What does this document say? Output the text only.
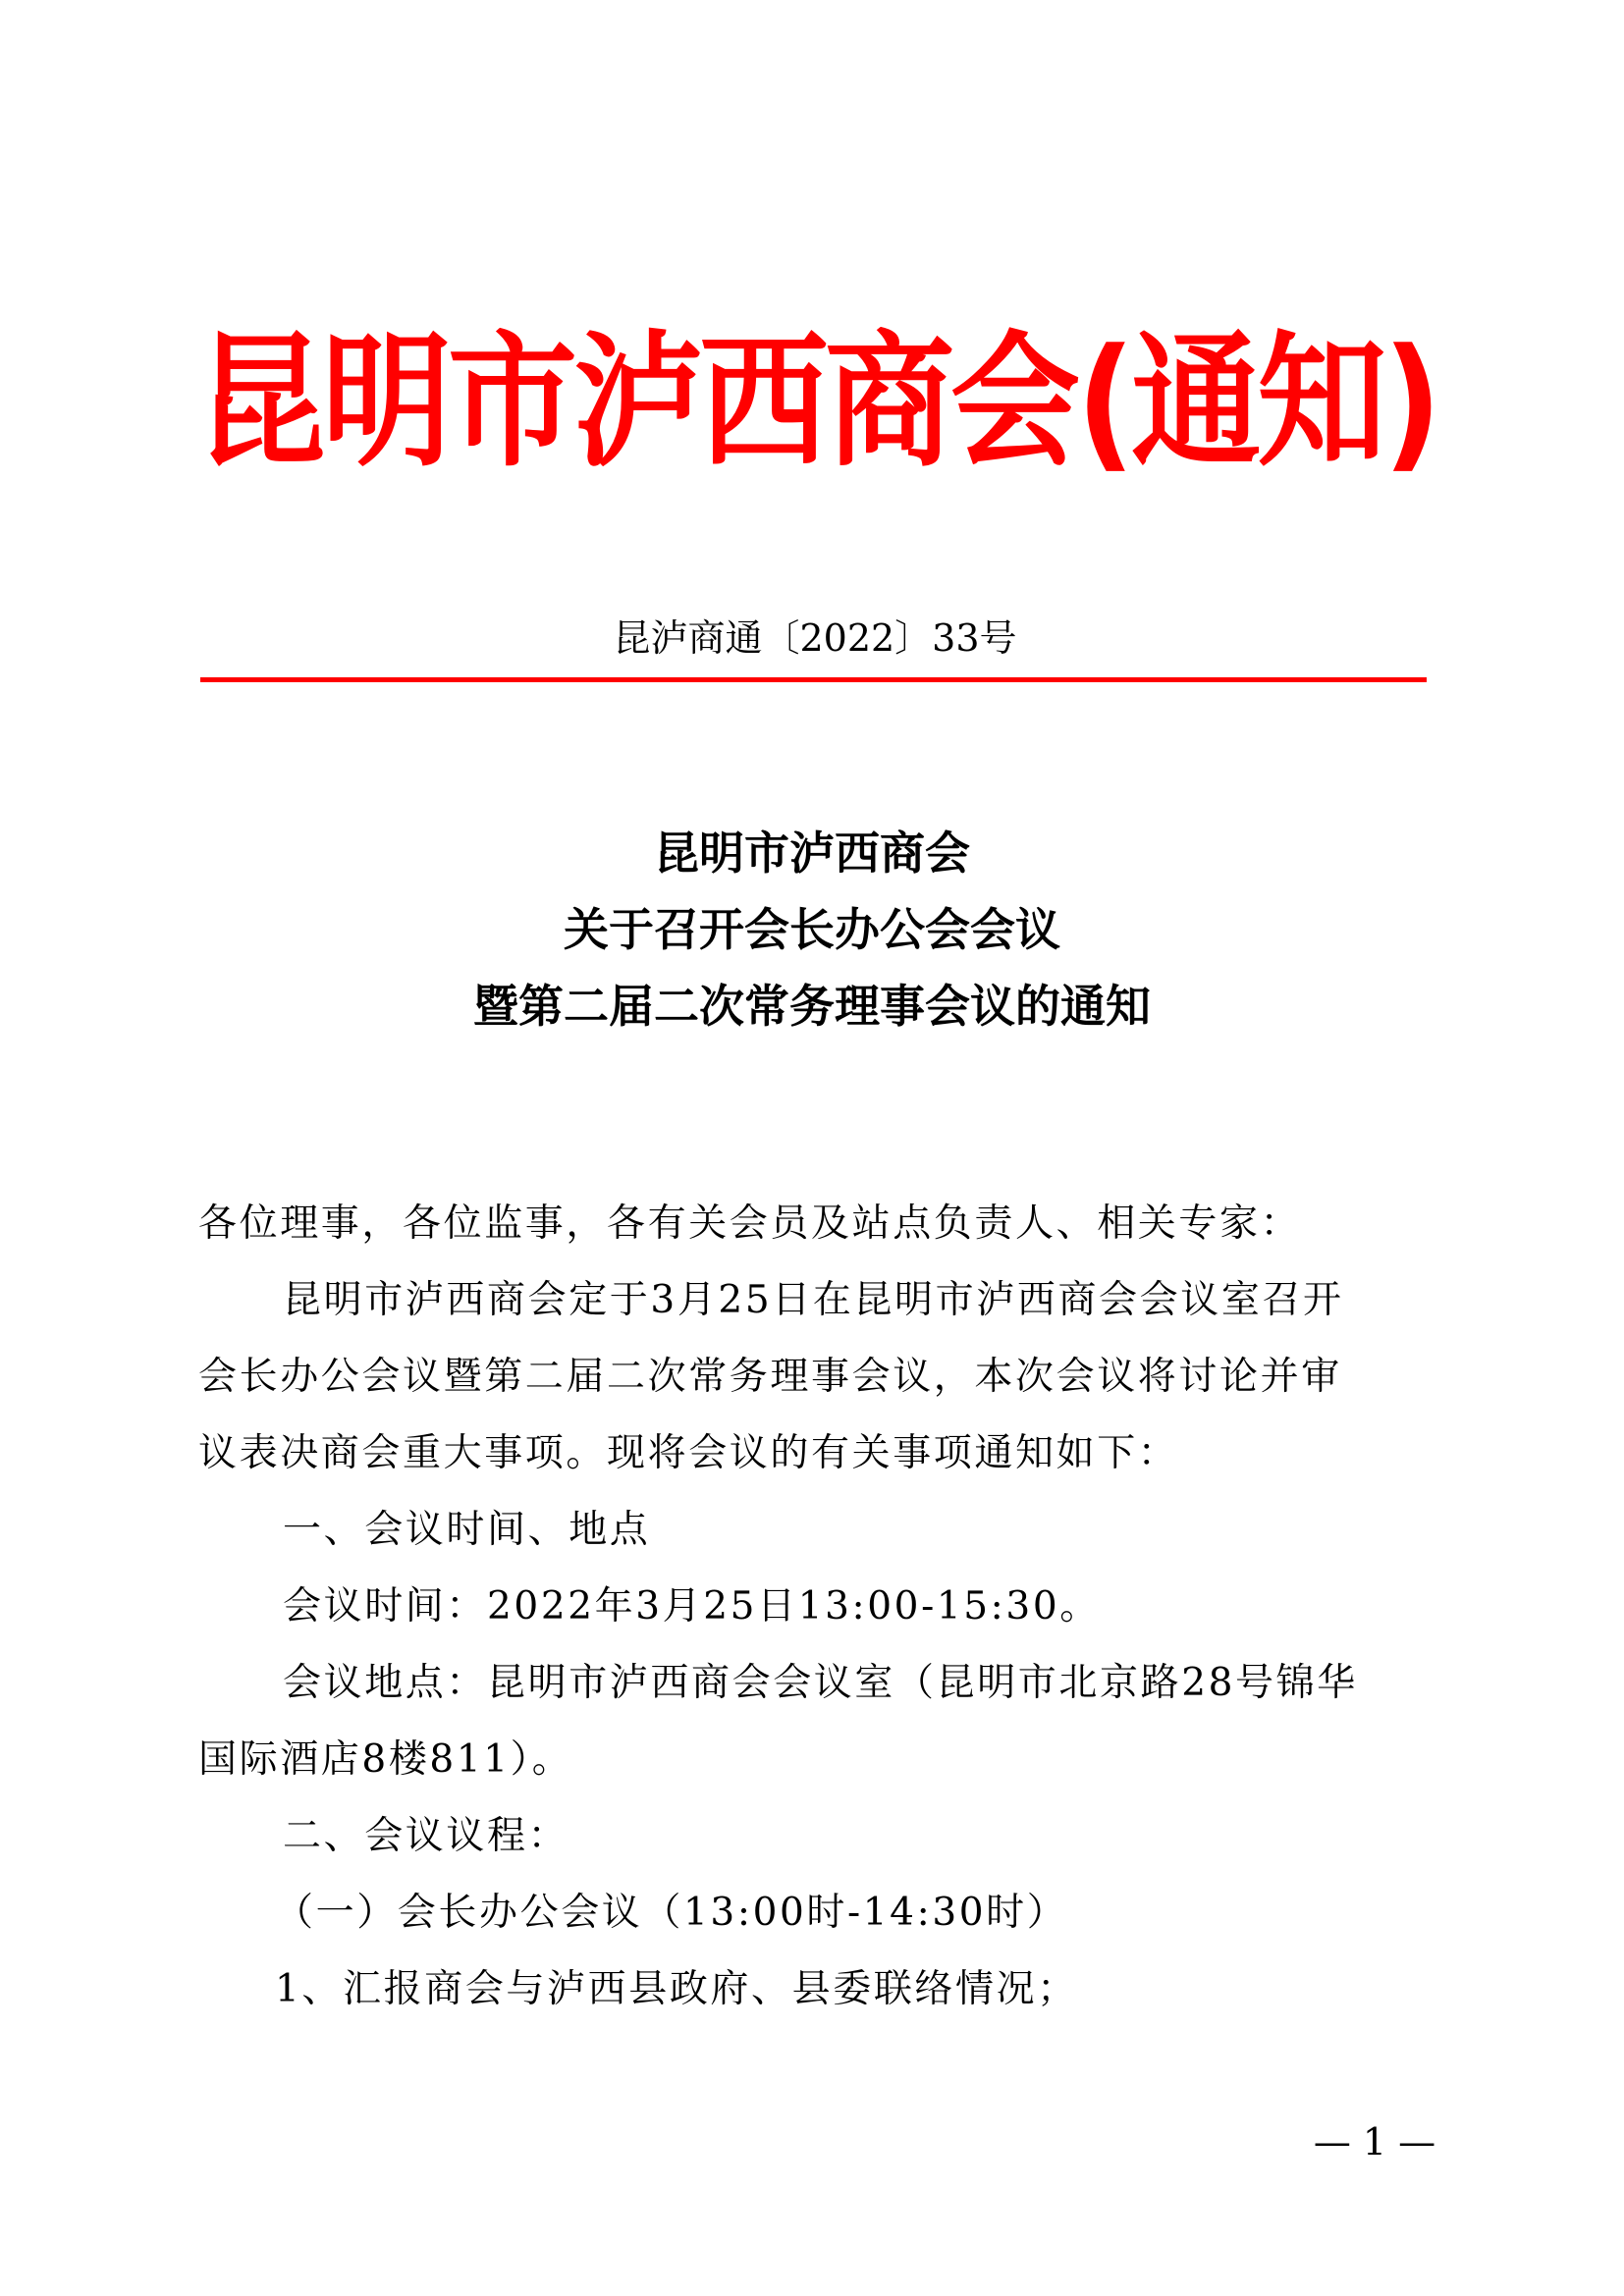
昆明市泸西商会(通知)
昆泸商通〔2022〕33号
昆明市泸西商会
关于召开会长办公会会议
暨第二届二次常务理事会议的通知
各位理事，各位监事，各有关会员及站点负责人、相关专家：
昆明市泸西商会定于3月25日在昆明市泸西商会会议室召开
会长办公会议暨第二届二次常务理事会议，本次会议将讨论并审
议表决商会重大事项。现将会议的有关事项通知如下：
一、会议时间、地点
会议时间：2022年3月25日13:00-15:30。
会议地点：昆明市泸西商会会议室（昆明市北京路28号锦华
国际酒店8楼811）。
二、会议议程：
（一）会长办公会议（13:00时-14:30时）
1、汇报商会与泸西县政府、县委联络情况；
— 1 —
